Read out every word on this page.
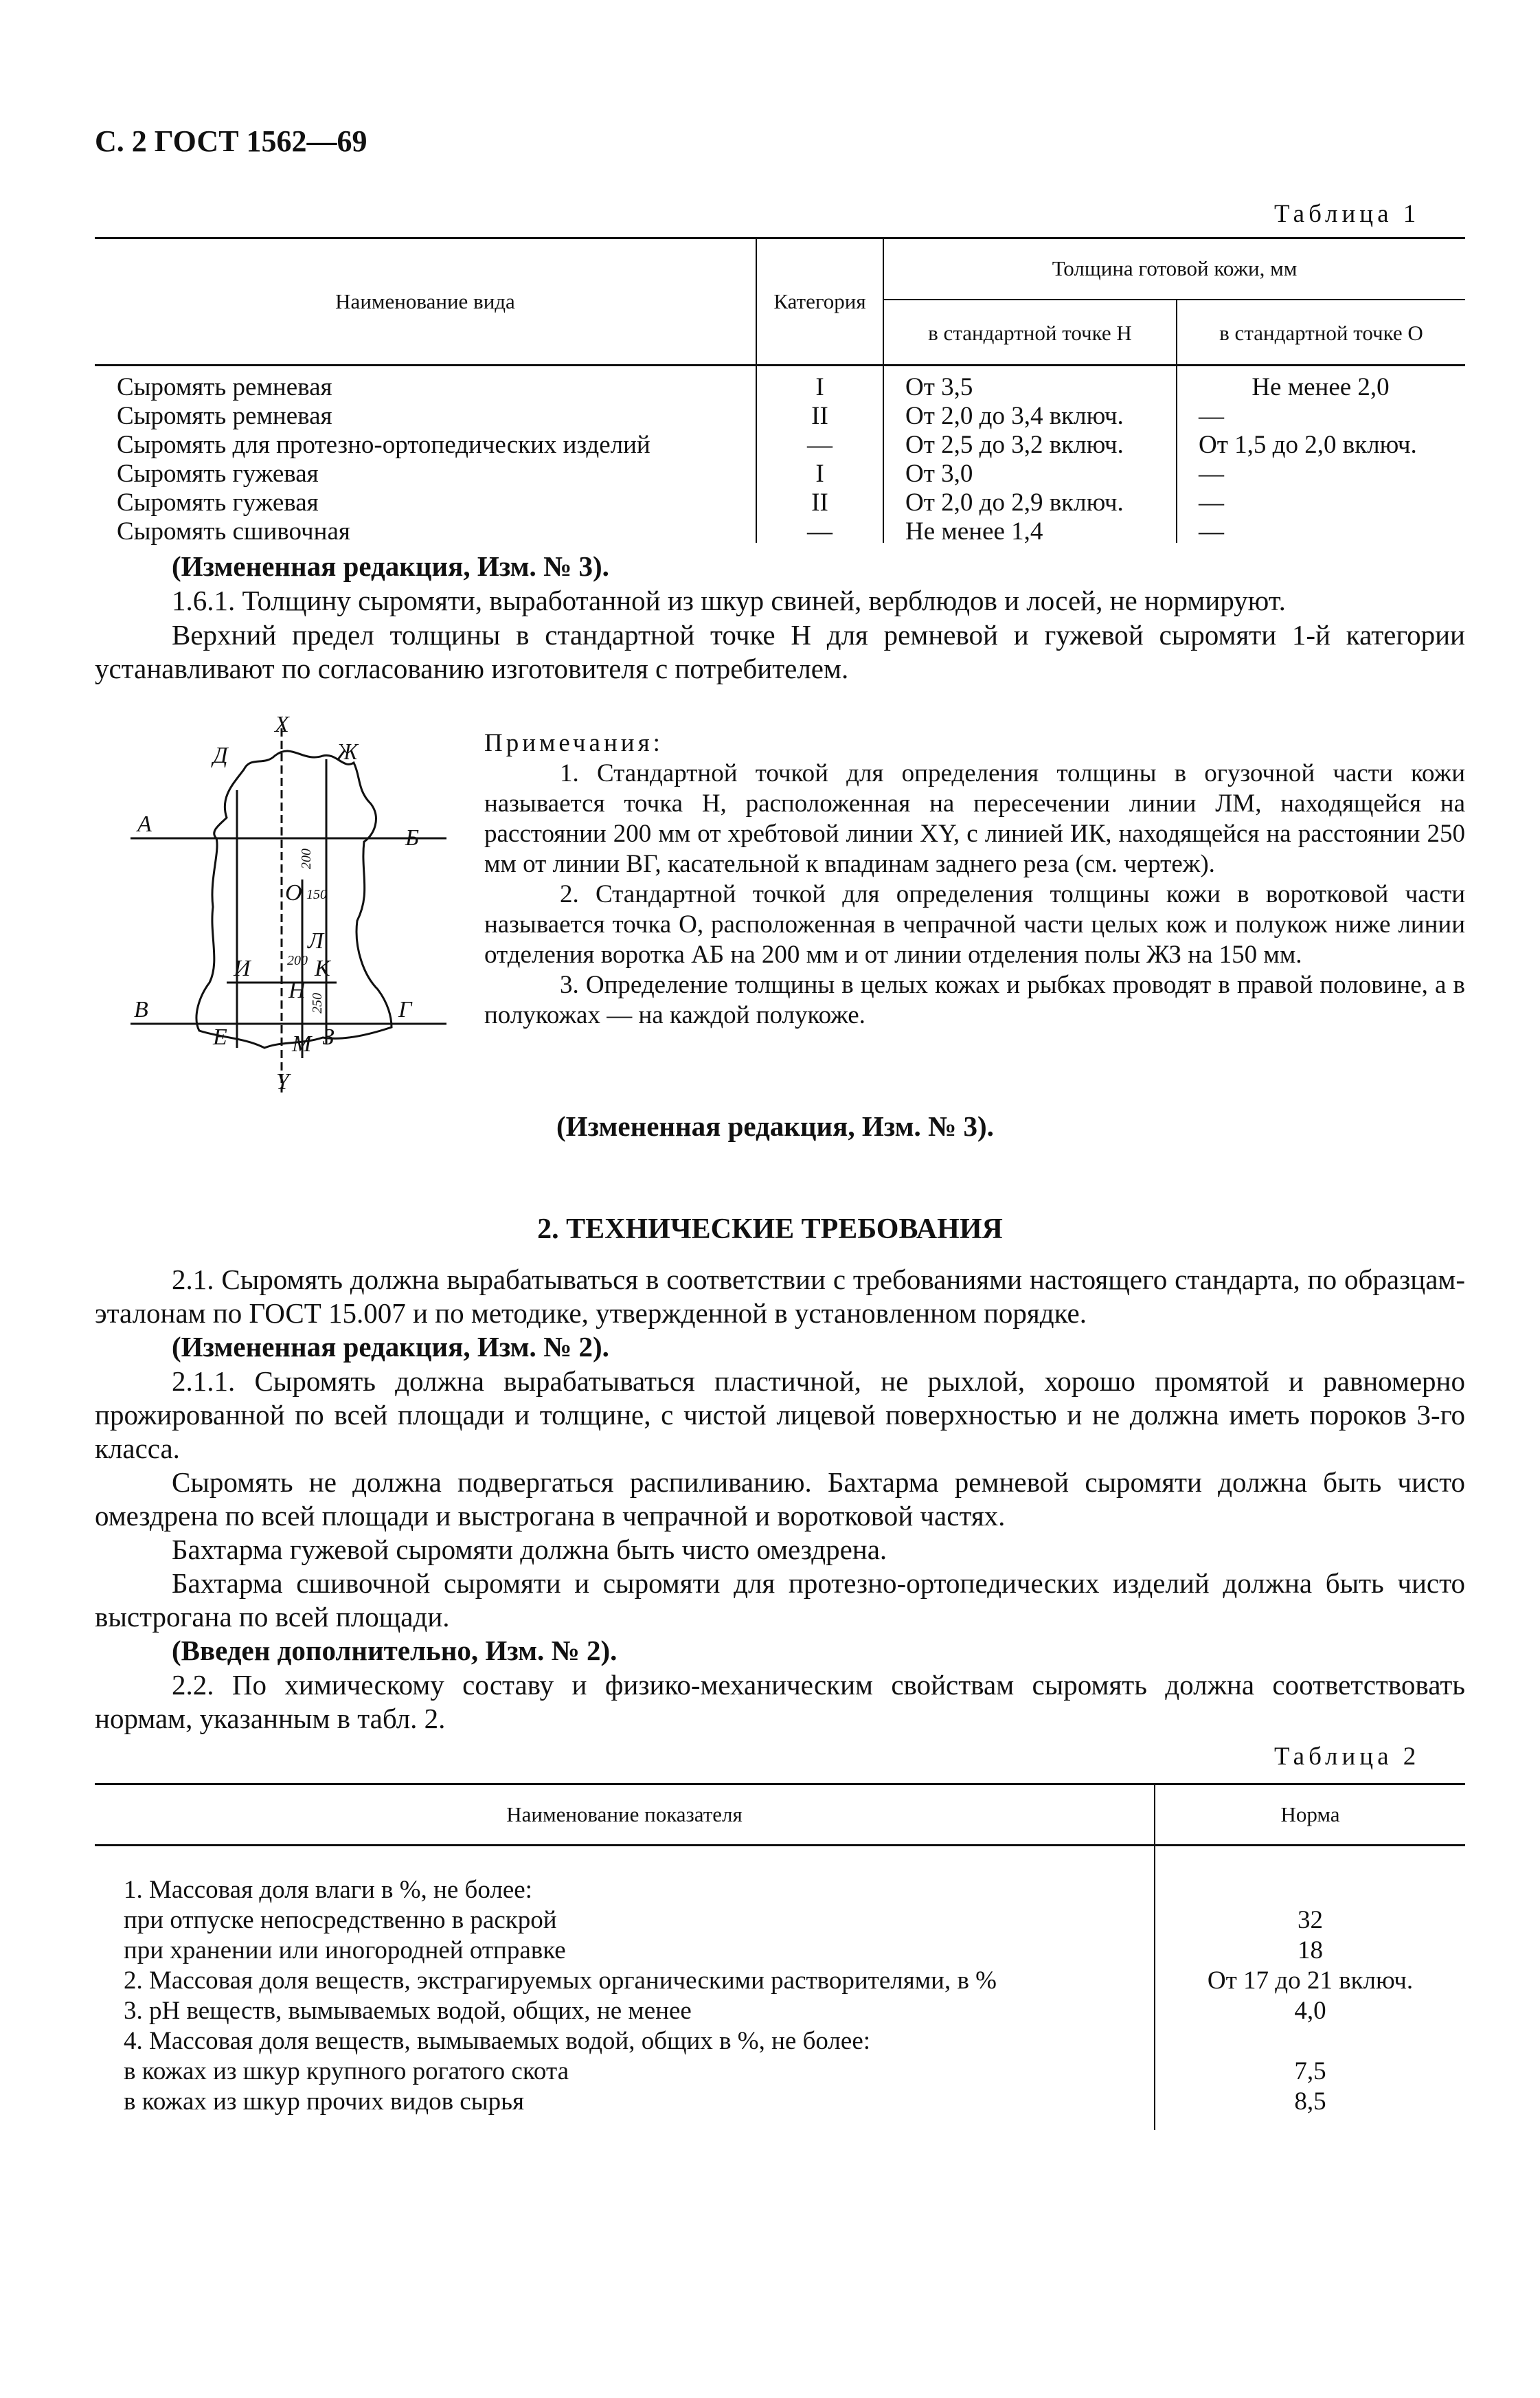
С. 2 ГОСТ 1562—69
Таблица 1
Наименование вида	Категория
Толщина готовой кожи, мм
в стандартной точке Н	в стандартной точке О
Сыромять ремневая	I	От 3,5	Не менее 2,0
Сыромять ремневая	II	От 2,0 до 3,4 включ.	—
Сыромять для протезно-ортопедических изделий	—	От 2,5 до 3,2 включ.	От 1,5 до 2,0 включ.
Сыромять гужевая	I	От 3,0	—
Сыромять гужевая	II	От 2,0 до 2,9 включ.	—
Сыромять сшивочная	—	Не менее 1,4	—
(Измененная редакция, Изм. № 3).
1.6.1. Толщину сыромяти, выработанной из шкур свиней, верблюдов и лосей, не нормируют.
Верхний предел толщины в стандартной точке Н для ремневой и гужевой сыромяти 1-й категории устанавливают по согласованию изготовителя с потребителем.
Х
Д	Ж
А
Б
В	Г
И
Е	М З
Y
Л
К
О
Н
200
150
200
250
Примечания:
1. Стандартной точкой для определения толщины в огузочной части кожи называется точка Н, расположенная на пересечении линии ЛМ, находящейся на расстоянии 200 мм от хребтовой линии XY, с линией ИК, находящейся на расстоянии 250 мм от линии ВГ, касательной к впадинам заднего реза (см. чертеж).
2. Стандартной точкой для определения толщины кожи в воротковой части называется точка О, расположенная в чепрачной части целых кож и полукож ниже линии отделения воротка АБ на 200 мм и от линии отделения полы ЖЗ на 150 мм.
3. Определение толщины в целых кожах и рыбках проводят в правой половине, а в полукожах — на каждой полукоже.
(Измененная редакция, Изм. № 3).
2. ТЕХНИЧЕСКИЕ ТРЕБОВАНИЯ
2.1. Сыромять должна вырабатываться в соответствии с требованиями настоящего стандарта, по образцам-эталонам по ГОСТ 15.007 и по методике, утвержденной в установленном порядке.
(Измененная редакция, Изм. № 2).
2.1.1. Сыромять должна вырабатываться пластичной, не рыхлой, хорошо промятой и равномерно прожированной по всей площади и толщине, с чистой лицевой поверхностью и не должна иметь пороков 3-го класса.
Сыромять не должна подвергаться распиливанию. Бахтарма ремневой сыромяти должна быть чисто омездрена по всей площади и выстрогана в чепрачной и воротковой частях.
Бахтарма гужевой сыромяти должна быть чисто омездрена.
Бахтарма сшивочной сыромяти и сыромяти для протезно-ортопедических изделий должна быть чисто выстрогана по всей площади.
(Введен дополнительно, Изм. № 2).
2.2. По химическому составу и физико-механическим свойствам сыромять должна соответствовать нормам, указанным в табл. 2.
Таблица 2
Наименование показателя	Норма
1. Массовая доля влаги в %, не более:
при отпуске непосредственно в раскрой	32
при хранении или иногородней отправке	18
2. Массовая доля веществ, экстрагируемых органическими растворителями, в %	От 17 до 21 включ.
3. pH веществ, вымываемых водой, общих, не менее	4,0
4. Массовая доля веществ, вымываемых водой, общих в %, не более:
в кожах из шкур крупного рогатого скота	7,5
в кожах из шкур прочих видов сырья	8,5
